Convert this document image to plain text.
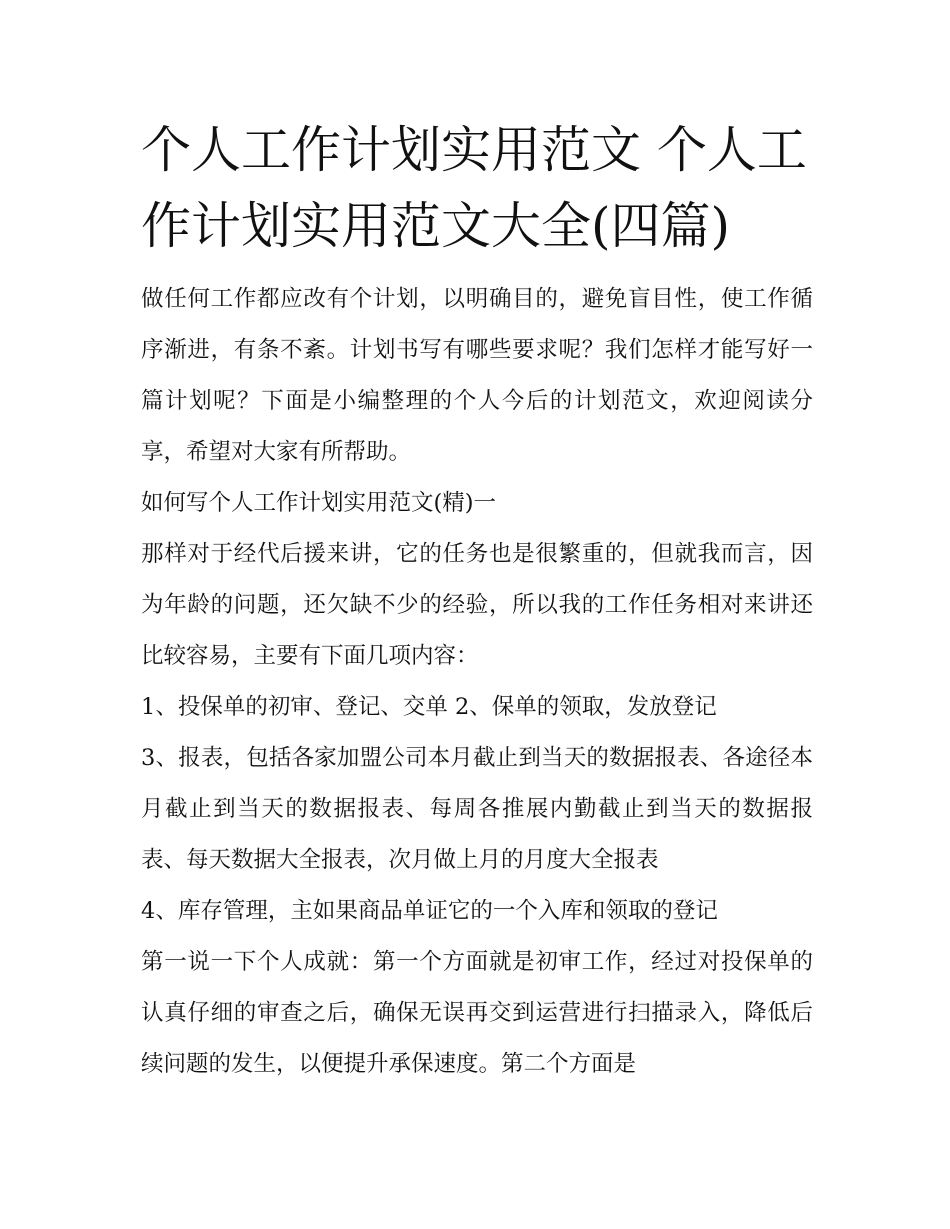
个人工作计划实用范文 个人工作计划实用范文大全(四篇)

做任何工作都应改有个计划，以明确目的，避免盲目性，使工作循序渐进，有条不紊。计划书写有哪些要求呢？我们怎样才能写好一篇计划呢？下面是小编整理的个人今后的计划范文，欢迎阅读分享，希望对大家有所帮助。

如何写个人工作计划实用范文(精)一

那样对于经代后援来讲，它的任务也是很繁重的，但就我而言，因为年龄的问题，还欠缺不少的经验，所以我的工作任务相对来讲还比较容易，主要有下面几项内容：

1、投保单的初审、登记、交单 2、保单的领取，发放登记

3、报表，包括各家加盟公司本月截止到当天的数据报表、各途径本月截止到当天的数据报表、每周各推展内勤截止到当天的数据报表、每天数据大全报表，次月做上月的月度大全报表

4、库存管理，主如果商品单证它的一个入库和领取的登记

第一说一下个人成就：第一个方面就是初审工作，经过对投保单的认真仔细的审查之后，确保无误再交到运营进行扫描录入，降低后续问题的发生，以便提升承保速度。第二个方面是
